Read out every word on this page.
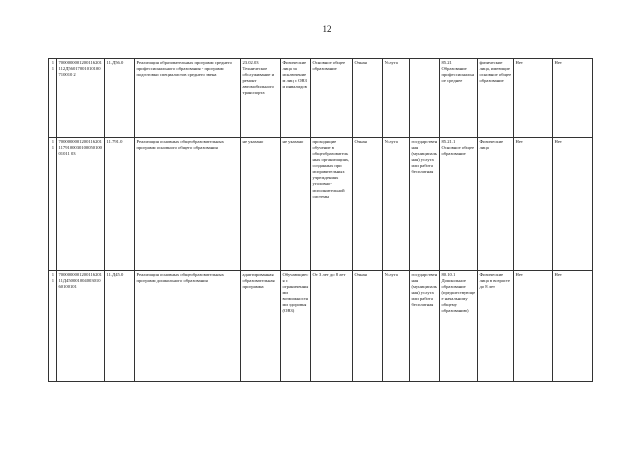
12
11	7000000001200116201112Д56017001010100710010 2	11.Д56.0	Реализация образовательных программ среднего профессионального образования - программ подготовки специалистов среднего звена	23.02.03 Техническое обслуживание и ремонт автомобильного транспорта	Физические лица за исключением лиц с ОВЗ и инвалидов	Основное общее образование	Очная	Услуга		85.21 Образование профессиональное среднее	физические лица, имеющие основное общее образование	Нет	Нет
11	7000000001200116201117910003010005010001011 03	11.791.0	Реализация основных общеобразовательных программ основного общего образования	не указано	не указано	проходящие обучение в общеобразовательных организациях, созданных при исправительных учреждениях уголовно-исполнительной системы	Очная	Услуга	государственная (муниципальная) услуга или работа бесплатная	85.21.1 Основное общее образование	Физические лица	Нет	Нет
11	700000000120011620111Д45000100400301060100101	11.Д45.0	Реализация основных общеобразовательных программ дошкольного образования	адаптированная образовательная программа	Обучающиеся с ограниченными возможностями здоровья (ОВЗ)	От 3 лет до 8 лет	Очная	Услуга	государственная (муниципальная) услуга или работа бесплатная	80.10.1 Дошкольное образование (предшествующее начальному общему образованию)	Физические лица в возрасте до 8 лет	Нет	Нет
